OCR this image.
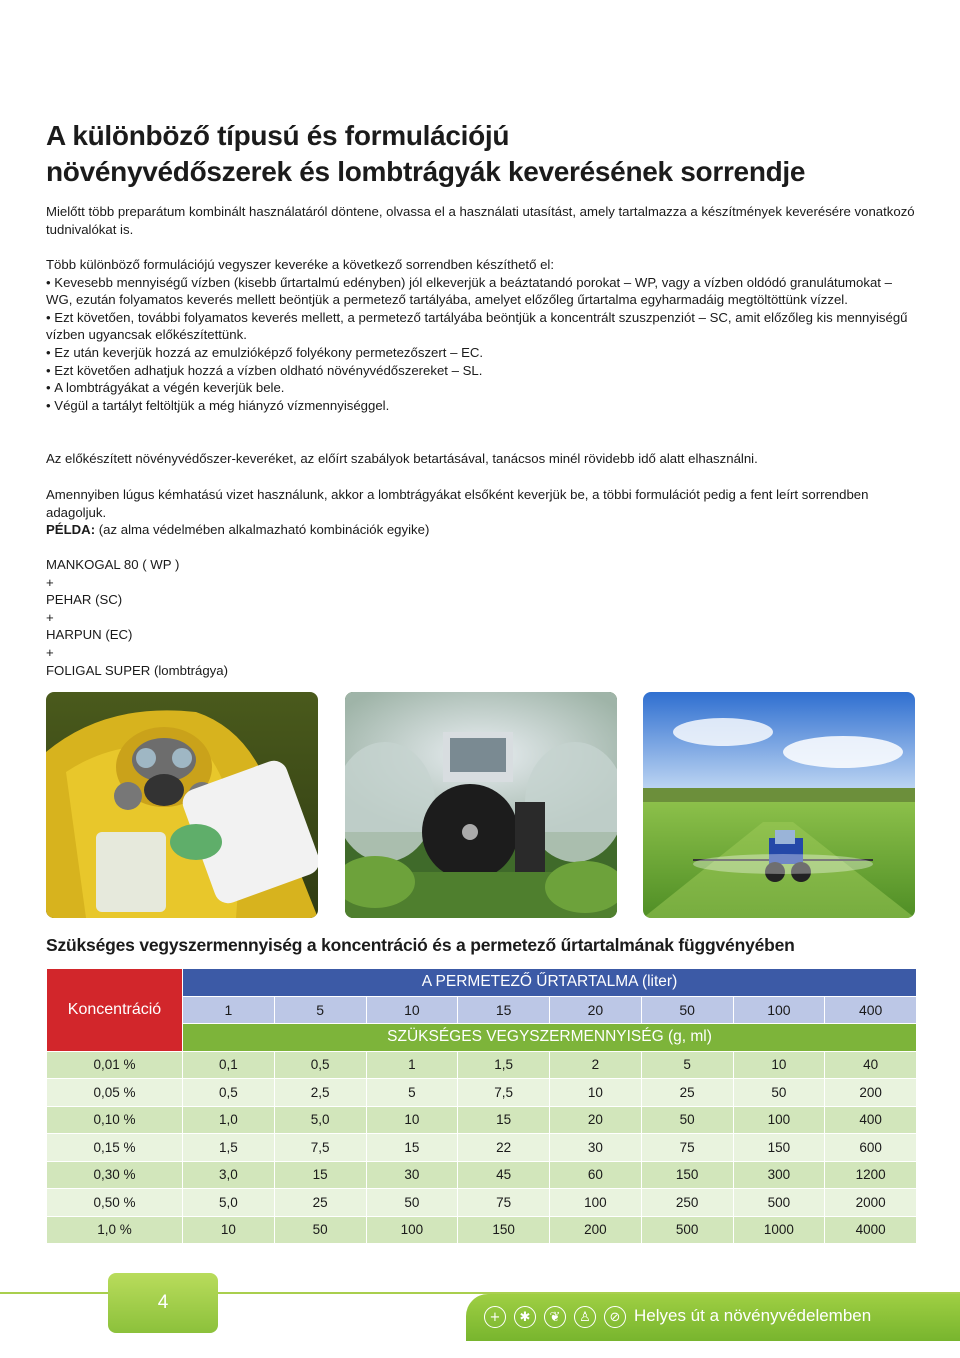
A különböző típusú és formulációjú
növényvédőszerek és lombtrágyák keverésének sorrendje
Mielőtt több preparátum kombinált használatáról döntene, olvassa el a használati utasítást, amely tartalmazza a készítmények keverésére vonatkozó tudnivalókat is.
Több különböző formulációjú vegyszer keveréke a következő sorrendben készíthető el:
• Kevesebb mennyiségű vízben (kisebb űrtartalmú edényben) jól elkeverjük a beáztatandó porokat – WP, vagy a vízben oldódó granulátumokat – WG, ezután folyamatos keverés mellett beöntjük a permetező tartályába, amelyet előzőleg űrtartalma egyharmadáig megtöltöttünk vízzel.
• Ezt követően, további folyamatos keverés mellett, a permetező tartályába beöntjük a koncentrált szuszpenziót – SC, amit előzőleg kis mennyiségű vízben ugyancsak előkészítettünk.
• Ez után keverjük hozzá az emulzióképző folyékony permetezőszert – EC.
• Ezt követően adhatjuk hozzá a vízben oldható növényvédőszereket – SL.
• A lombtrágyákat a végén keverjük bele.
• Végül a tartályt feltöltjük a még hiányzó vízmennyiséggel.
Az előkészített növényvédőszer-keveréket, az előírt szabályok betartásával, tanácsos minél rövidebb idő alatt elhasználni.
Amennyiben lúgus kémhatású vizet használunk, akkor a lombtrágyákat elsőként keverjük be, a többi formulációt pedig a fent leírt sorrendben adagoljuk.
PÉLDA: (az alma védelmében alkalmazható kombinációk egyike)
MANKOGAL 80 ( WP )
+
PEHAR (SC)
+
HARPUN (EC)
+
FOLIGAL SUPER (lombtrágya)
Szükséges vegyszermennyiség a koncentráció és a permetező űrtartalmának függvényében
Koncentráció	A PERMETEZŐ ŰRTARTALMA (liter)							
	1	5	10	15	20	50	100	400
	SZÜKSÉGES VEGYSZERMENNYISÉG (g, ml)							
0,01 %	0,1	0,5	1	1,5	2	5	10	40
0,05 %	0,5	2,5	5	7,5	10	25	50	200
0,10 %	1,0	5,0	10	15	20	50	100	400
0,15 %	1,5	7,5	15	22	30	75	150	600
0,30 %	3,0	15	30	45	60	150	300	1200
0,50 %	5,0	25	50	75	100	250	500	2000
1,0 %	10	50	100	150	200	500	1000	4000
4
+	✱	❦	♙	⊘ Helyes út a növényvédelemben
